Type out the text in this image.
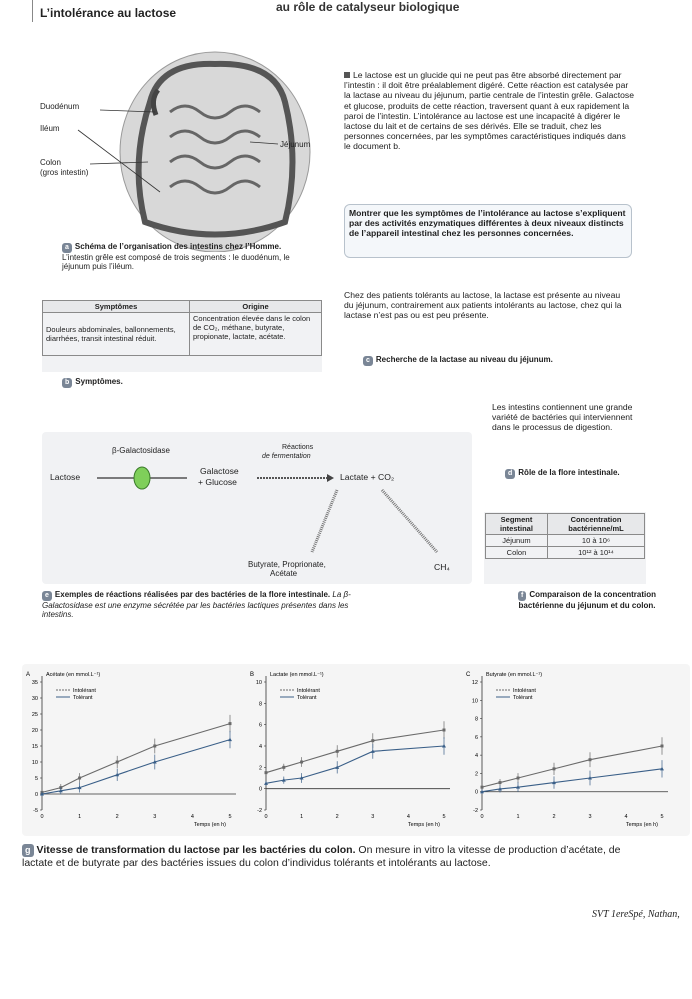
au rôle de catalyseur biologique
L’intolérance au lactose
Duodénum
Iléum
Colon
(gros intestin)
Jéjunum
a Schéma de l’organisation des intestins chez l’Homme. L’intestin grêle est composé de trois segments : le duodénum, le jéjunum puis l’iléum.
Le lactose est un glucide qui ne peut pas être absorbé directement par l’intestin : il doit être préalablement digéré. Cette réaction est catalysée par la lactase au niveau du jéjunum, partie centrale de l’intestin grêle. Galactose et glucose, produits de cette réaction, traversent quant à eux rapidement la paroi de l’intestin. L’intolérance au lactose est une incapacité à digérer le lactose du lait et de certains de ses dérivés. Elle se traduit, chez les personnes concernées, par les symptômes caractéristiques indiqués dans le document b.
Montrer que les symptômes de l’intolérance au lactose s’expliquent par des activités enzymatiques différentes à deux niveaux distincts de l’appareil intestinal chez les personnes concernées.
Symptômes	Origine
Douleurs abdominales, ballonnements, diarrhées, transit intestinal réduit.	Concentration élevée dans le colon de CO₂, méthane, butyrate, propionate, lactate, acétate.
b Symptômes.
Chez des patients tolérants au lactose, la lactase est présente au niveau du jéjunum, contrairement aux patients intolérants au lactose, chez qui la lactase n’est pas ou est peu présente.
c Recherche de la lactase au niveau du jéjunum.
Les intestins contiennent une grande variété de bactéries qui interviennent dans le processus de digestion.
d Rôle de la flore intestinale.
β-Galactosidase	Réactions
de fermentation
Lactose
Galactose
+ Glucose	Lactate + CO₂
Butyrate, Proprionate,
Acétate
CH₄
e Exemples de réactions réalisées par des bactéries de la flore intestinale. La β-Galactosidase est une enzyme sécrétée par les bactéries lactiques présentes dans les intestins.
Segment intestinal	Concentration bactérienne/mL
Jéjunum	10 à 10⁶
Colon	10¹² à 10¹⁴
f Comparaison de la concentration bactérienne du jéjunum et du colon.
A	Acétate (en mmol.L⁻¹)
-5
0
5
10
15
20
25
30
35
0	1	2	3	4	5
Temps (en h)
Intolérant
Tolérant
B	Lactate (en mmol.L⁻¹)
-2
0
2
4
6
8
10
0	1	2	3	4	5
Temps (en h)
Intolérant
Tolérant
C	Butyrate (en mmol.L⁻¹)
-2
0
2
4
6
8
10
12
0	1	2	3	4	5
Temps (en h)
Intolérant
Tolérant
g Vitesse de transformation du lactose par les bactéries du colon. On mesure in vitro la vitesse de production d’acétate, de lactate et de butyrate par des bactéries issues du colon d’individus tolérants et intolérants au lactose.
SVT 1ereSpé, Nathan,
